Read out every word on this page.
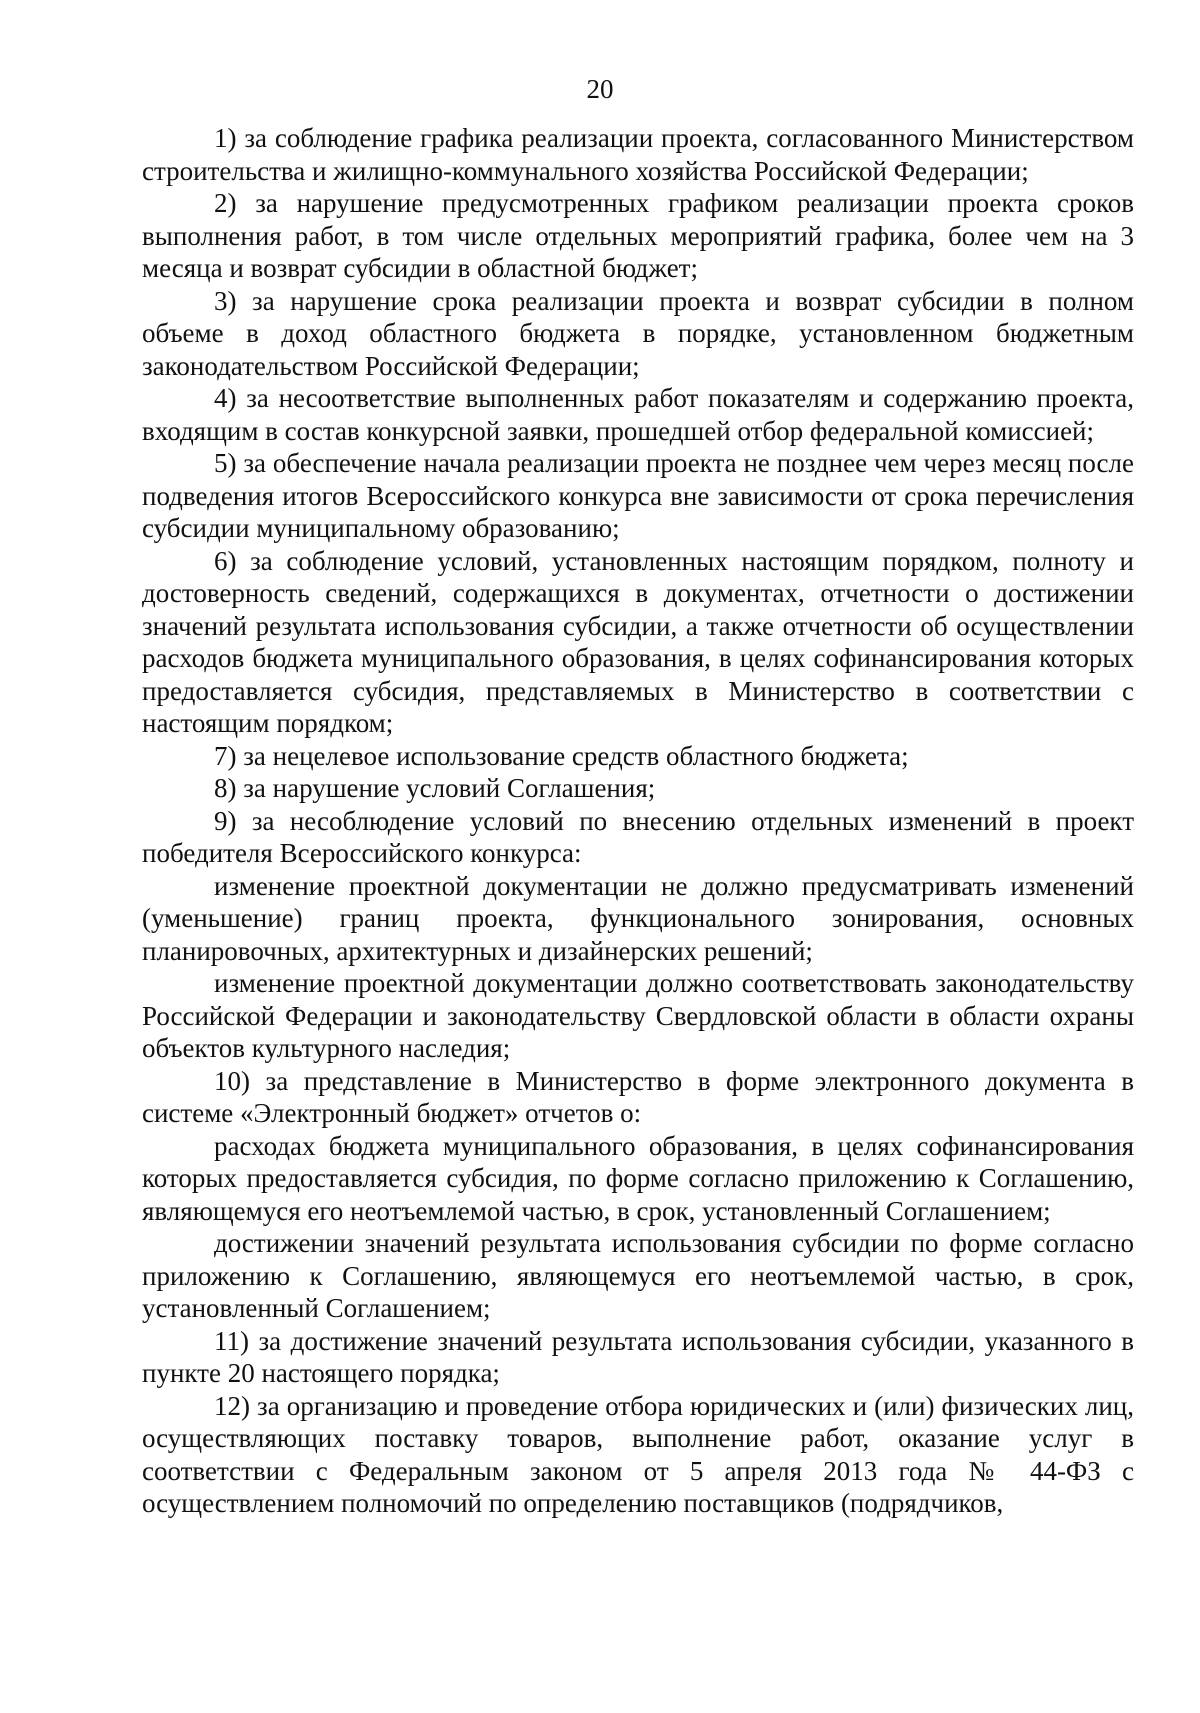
20

1) за соблюдение графика реализации проекта, согласованного Министерством строительства и жилищно-коммунального хозяйства Российской Федерации;

2) за нарушение предусмотренных графиком реализации проекта сроков выполнения работ, в том числе отдельных мероприятий графика, более чем на 3 месяца и возврат субсидии в областной бюджет;

3) за нарушение срока реализации проекта и возврат субсидии в полном объеме в доход областного бюджета в порядке, установленном бюджетным законодательством Российской Федерации;

4) за несоответствие выполненных работ показателям и содержанию проекта, входящим в состав конкурсной заявки, прошедшей отбор федеральной комиссией;

5) за обеспечение начала реализации проекта не позднее чем через месяц после подведения итогов Всероссийского конкурса вне зависимости от срока перечисления субсидии муниципальному образованию;

6) за соблюдение условий, установленных настоящим порядком, полноту и достоверность сведений, содержащихся в документах, отчетности о достижении значений результата использования субсидии, а также отчетности об осуществлении расходов бюджета муниципального образования, в целях софинансирования которых предоставляется субсидия, представляемых в Министерство в соответствии с настоящим порядком;

7) за нецелевое использование средств областного бюджета;

8) за нарушение условий Соглашения;

9) за несоблюдение условий по внесению отдельных изменений в проект победителя Всероссийского конкурса:

изменение проектной документации не должно предусматривать изменений (уменьшение) границ проекта, функционального зонирования, основных планировочных, архитектурных и дизайнерских решений;

изменение проектной документации должно соответствовать законодательству Российской Федерации и законодательству Свердловской области в области охраны объектов культурного наследия;

10) за представление в Министерство в форме электронного документа в системе «Электронный бюджет» отчетов о:

расходах бюджета муниципального образования, в целях софинансирования которых предоставляется субсидия, по форме согласно приложению к Соглашению, являющемуся его неотъемлемой частью, в срок, установленный Соглашением;

достижении значений результата использования субсидии по форме согласно приложению к Соглашению, являющемуся его неотъемлемой частью, в срок, установленный Соглашением;

11) за достижение значений результата использования субсидии, указанного в пункте 20 настоящего порядка;

12) за организацию и проведение отбора юридических и (или) физических лиц, осуществляющих поставку товаров, выполнение работ, оказание услуг в соответствии с Федеральным законом от 5 апреля 2013 года № 44-ФЗ с осуществлением полномочий по определению поставщиков (подрядчиков,
